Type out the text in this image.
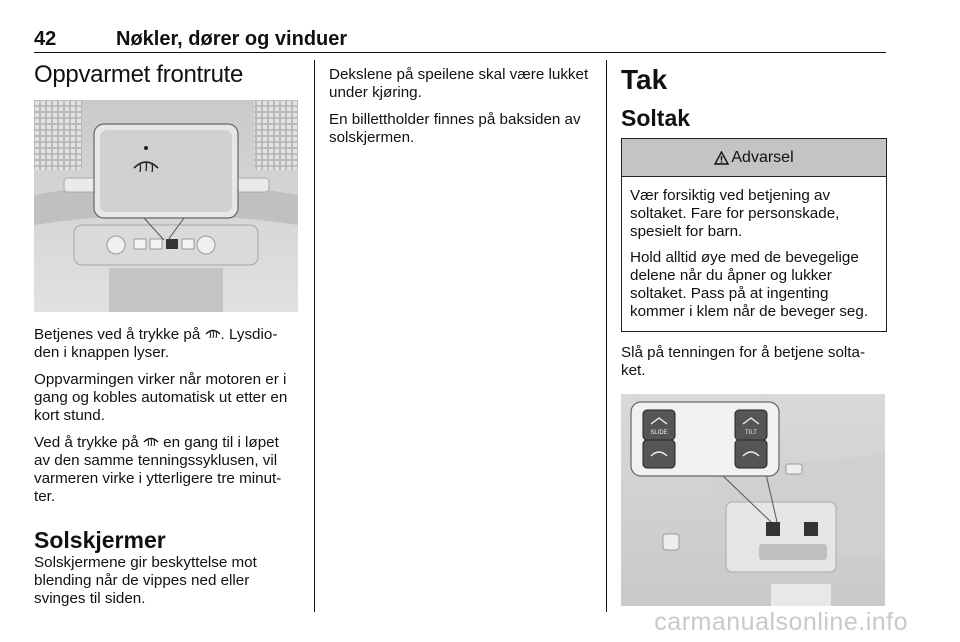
42	Nøkler, dører og vinduer
Oppvarmet frontrute

Betjenes ved å trykke på . Lysdio-den i knappen lyser.

Oppvarmingen virker når motoren er i gang og kobles automatisk ut etter en kort stund.

Ved å trykke på  en gang til i løpet av den samme tenningssyklusen, vil varmeren virke i ytterligere tre minut-ter.

Solskjermer

Solskjermene gir beskyttelse mot blending når de vippes ned eller svinges til siden.

Dekslene på speilene skal være lukket under kjøring.

En billettholder finnes på baksiden av solskjermen.

Tak
Soltak
Advarsel

Vær forsiktig ved betjening av soltaket. Fare for personskade, spesielt for barn.

Hold alltid øye med de bevegelige delene når du åpner og lukker soltaket. Pass på at ingenting kommer i klem når de beveger seg.

Slå på tenningen for å betjene solta-ket.

SLIDE	TILT
carmanualsonline.info
